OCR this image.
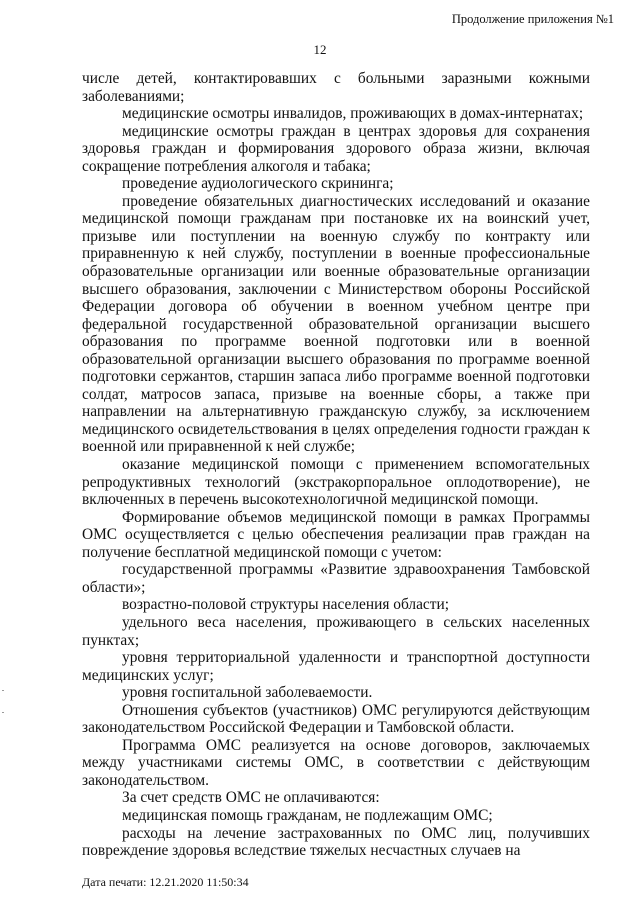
Продолжение приложения №1
12

числе детей, контактировавших с больными заразными кожными заболеваниями;

медицинские осмотры инвалидов, проживающих в домах-интернатах;

медицинские осмотры граждан в центрах здоровья для сохранения здоровья граждан и формирования здорового образа жизни, включая сокращение потребления алкоголя и табака;

проведение аудиологического скрининга;

проведение обязательных диагностических исследований и оказание медицинской помощи гражданам при постановке их на воинский учет, призыве или поступлении на военную службу по контракту или приравненную к ней службу, поступлении в военные профессиональные образовательные организации или военные образовательные организации высшего образования, заключении с Министерством обороны Российской Федерации договора об обучении в военном учебном центре при федеральной государственной образовательной организации высшего образования по программе военной подготовки или в военной образовательной организации высшего образования по программе военной подготовки сержантов, старшин запаса либо программе военной подготовки солдат, матросов запаса, призыве на военные сборы, а также при направлении на альтернативную гражданскую службу, за исключением медицинского освидетельствования в целях определения годности граждан к военной или приравненной к ней службе;

оказание медицинской помощи с применением вспомогательных репродуктивных технологий (экстракорпоральное оплодотворение), не включенных в перечень высокотехнологичной медицинской помощи.

Формирование объемов медицинской помощи в рамках Программы ОМС осуществляется с целью обеспечения реализации прав граждан на получение бесплатной медицинской помощи с учетом:

государственной программы «Развитие здравоохранения Тамбовской области»;

возрастно-половой структуры населения области;

удельного веса населения, проживающего в сельских населенных пунктах;

уровня территориальной удаленности и транспортной доступности медицинских услуг;

уровня госпитальной заболеваемости.

Отношения субъектов (участников) ОМС регулируются действующим законодательством Российской Федерации и Тамбовской области.

Программа ОМС реализуется на основе договоров, заключаемых между участниками системы ОМС, в соответствии с действующим законодательством.

За счет средств ОМС не оплачиваются:

медицинская помощь гражданам, не подлежащим ОМС;

расходы на лечение застрахованных по ОМС лиц, получивших повреждение здоровья вследствие тяжелых несчастных случаев на

Дата печати: 12.21.2020 11:50:34
